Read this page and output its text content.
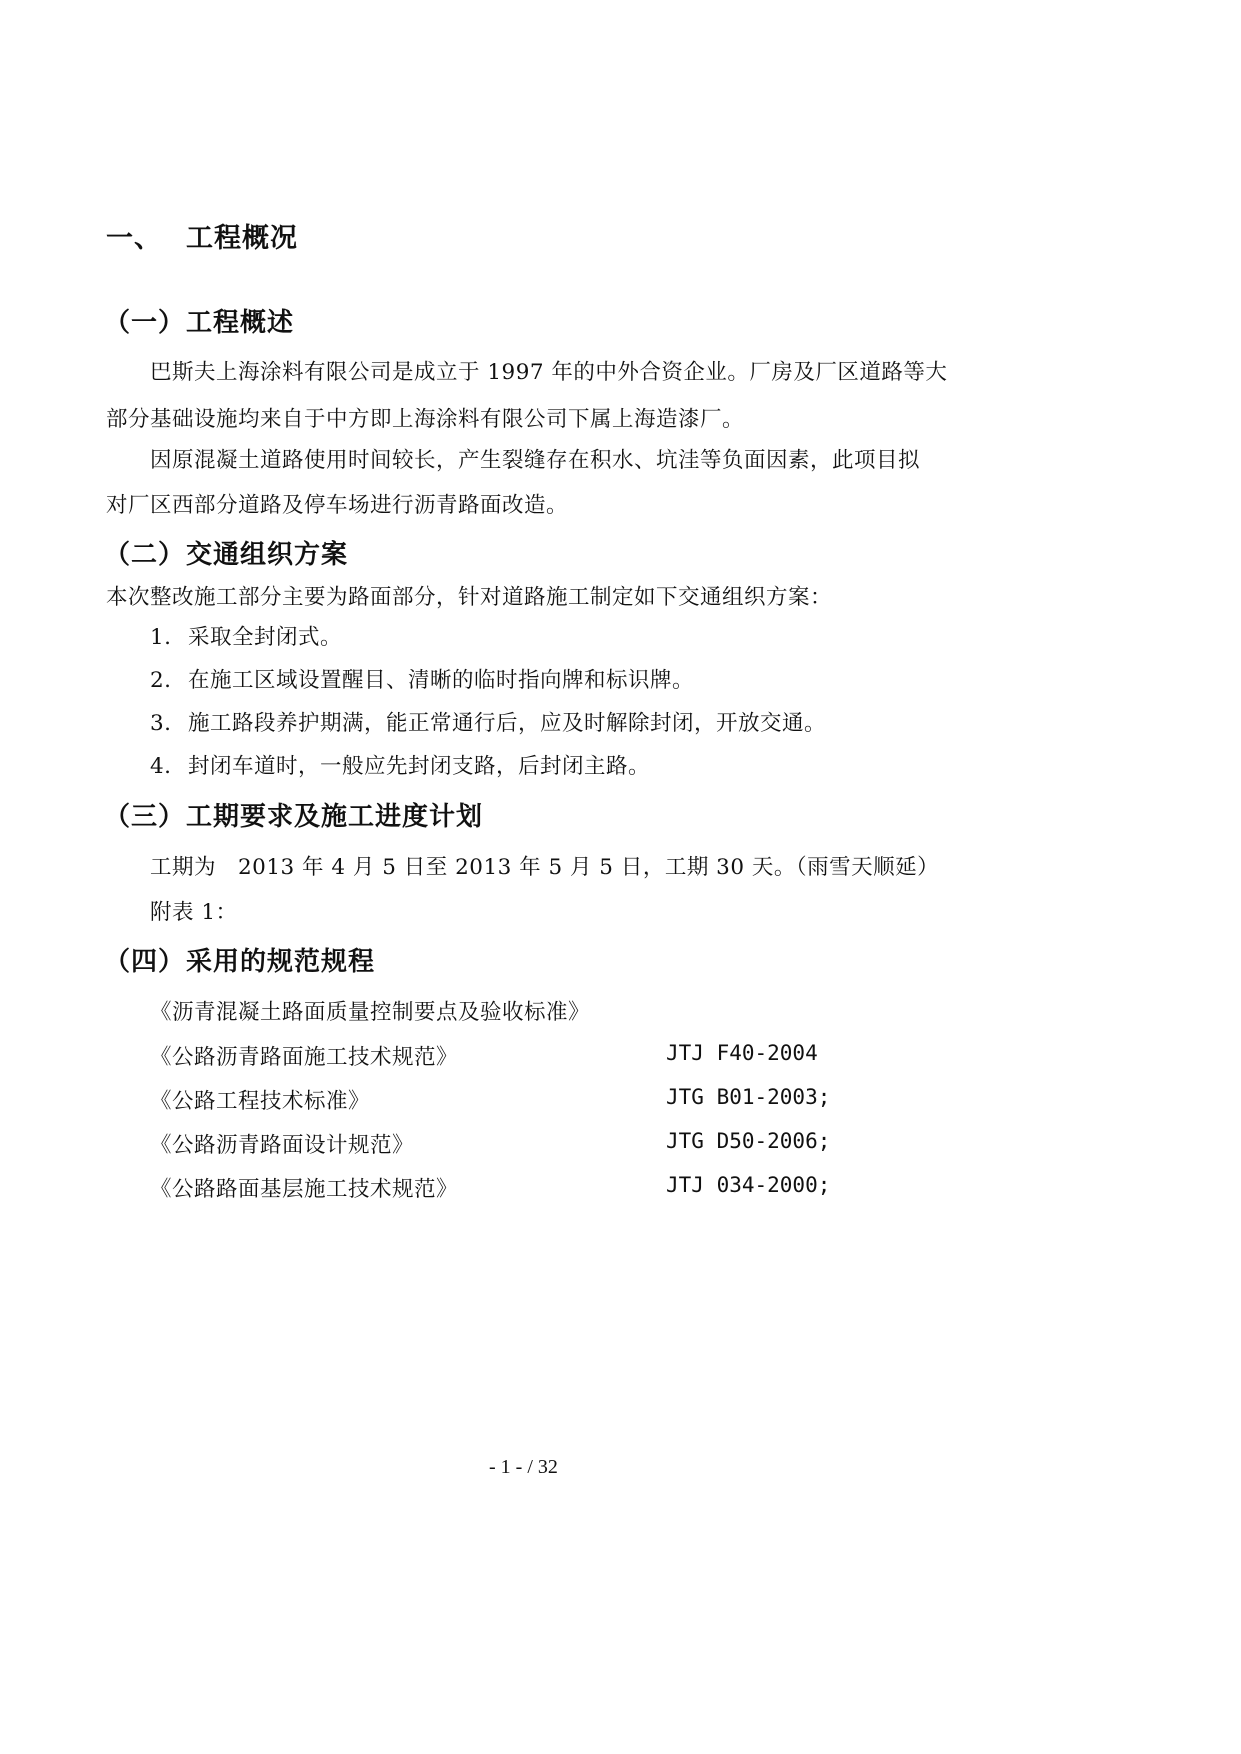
一、 工程概况
（一）工程概述
巴斯夫上海涂料有限公司是成立于 1997 年的中外合资企业。厂房及厂区道路等大
部分基础设施均来自于中方即上海涂料有限公司下属上海造漆厂。
因原混凝土道路使用时间较长，产生裂缝存在积水、坑洼等负面因素，此项目拟
对厂区西部分道路及停车场进行沥青路面改造。
（二）交通组织方案
本次整改施工部分主要为路面部分，针对道路施工制定如下交通组织方案：
1. 采取全封闭式。
2. 在施工区域设置醒目、清晰的临时指向牌和标识牌。
3. 施工路段养护期满，能正常通行后，应及时解除封闭，开放交通。
4. 封闭车道时，一般应先封闭支路，后封闭主路。
（三）工期要求及施工进度计划
工期为　2013 年 4 月 5 日至 2013 年 5 月 5 日，工期 30 天。（雨雪天顺延）
附表 1：
（四）采用的规范规程
《沥青混凝土路面质量控制要点及验收标准》
《公路沥青路面施工技术规范》	JTJ F40-2004
《公路工程技术标准》	JTG B01-2003;
《公路沥青路面设计规范》	JTG D50-2006;
《公路路面基层施工技术规范》	JTJ 034-2000;
- 1 - / 32
